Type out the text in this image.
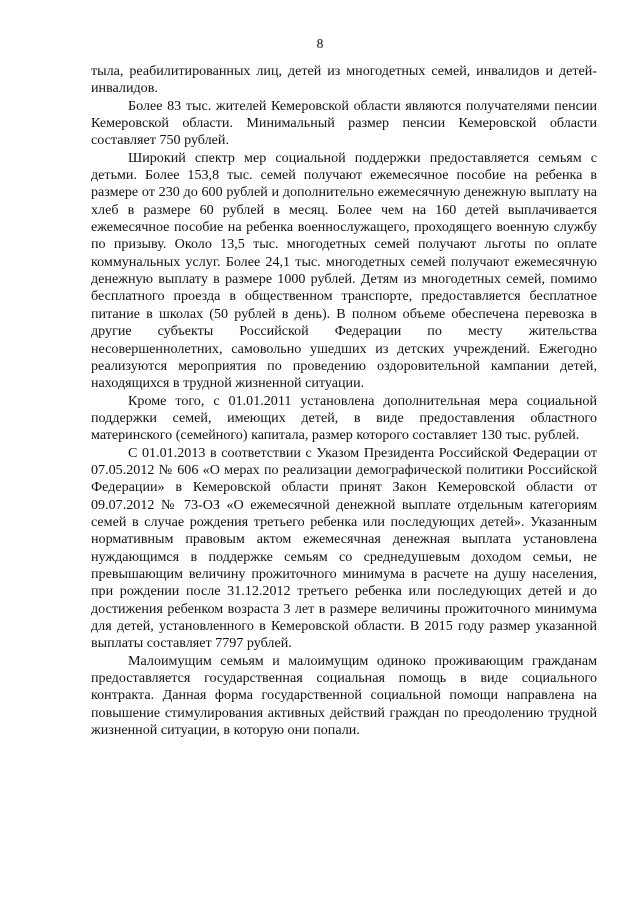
8

тыла, реабилитированных лиц, детей из многодетных семей, инвалидов и детей-инвалидов.

Более 83 тыс. жителей Кемеровской области являются получателями пенсии Кемеровской области. Минимальный размер пенсии Кемеровской области составляет 750 рублей.

Широкий спектр мер социальной поддержки предоставляется семьям с детьми. Более 153,8 тыс. семей получают ежемесячное пособие на ребенка в размере от 230 до 600 рублей и дополнительно ежемесячную денежную выплату на хлеб в размере 60 рублей в месяц. Более чем на 160 детей выплачивается ежемесячное пособие на ребенка военнослужащего, проходящего военную службу по призыву. Около 13,5 тыс. многодетных семей получают льготы по оплате коммунальных услуг. Более 24,1 тыс. многодетных семей получают ежемесячную денежную выплату в размере 1000 рублей. Детям из многодетных семей, помимо бесплатного проезда в общественном транспорте, предоставляется бесплатное питание в школах (50 рублей в день). В полном объеме обеспечена перевозка в другие субъекты Российской Федерации по месту жительства несовершеннолетних, самовольно ушедших из детских учреждений. Ежегодно реализуются мероприятия по проведению оздоровительной кампании детей, находящихся в трудной жизненной ситуации.

Кроме того, с 01.01.2011 установлена дополнительная мера социальной поддержки семей, имеющих детей, в виде предоставления областного материнского (семейного) капитала, размер которого составляет 130 тыс. рублей.

С 01.01.2013 в соответствии с Указом Президента Российской Федерации от 07.05.2012 № 606 «О мерах по реализации демографической политики Российской Федерации» в Кемеровской области принят Закон Кемеровской области от 09.07.2012 № 73-ОЗ «О ежемесячной денежной выплате отдельным категориям семей в случае рождения третьего ребенка или последующих детей». Указанным нормативным правовым актом ежемесячная денежная выплата установлена нуждающимся в поддержке семьям со среднедушевым доходом семьи, не превышающим величину прожиточного минимума в расчете на душу населения, при рождении после 31.12.2012 третьего ребенка или последующих детей и до достижения ребенком возраста 3 лет в размере величины прожиточного минимума для детей, установленного в Кемеровской области. В 2015 году размер указанной выплаты составляет 7797 рублей.

Малоимущим семьям и малоимущим одиноко проживающим гражданам предоставляется государственная социальная помощь в виде социального контракта. Данная форма государственной социальной помощи направлена на повышение стимулирования активных действий граждан по преодолению трудной жизненной ситуации, в которую они попали.
